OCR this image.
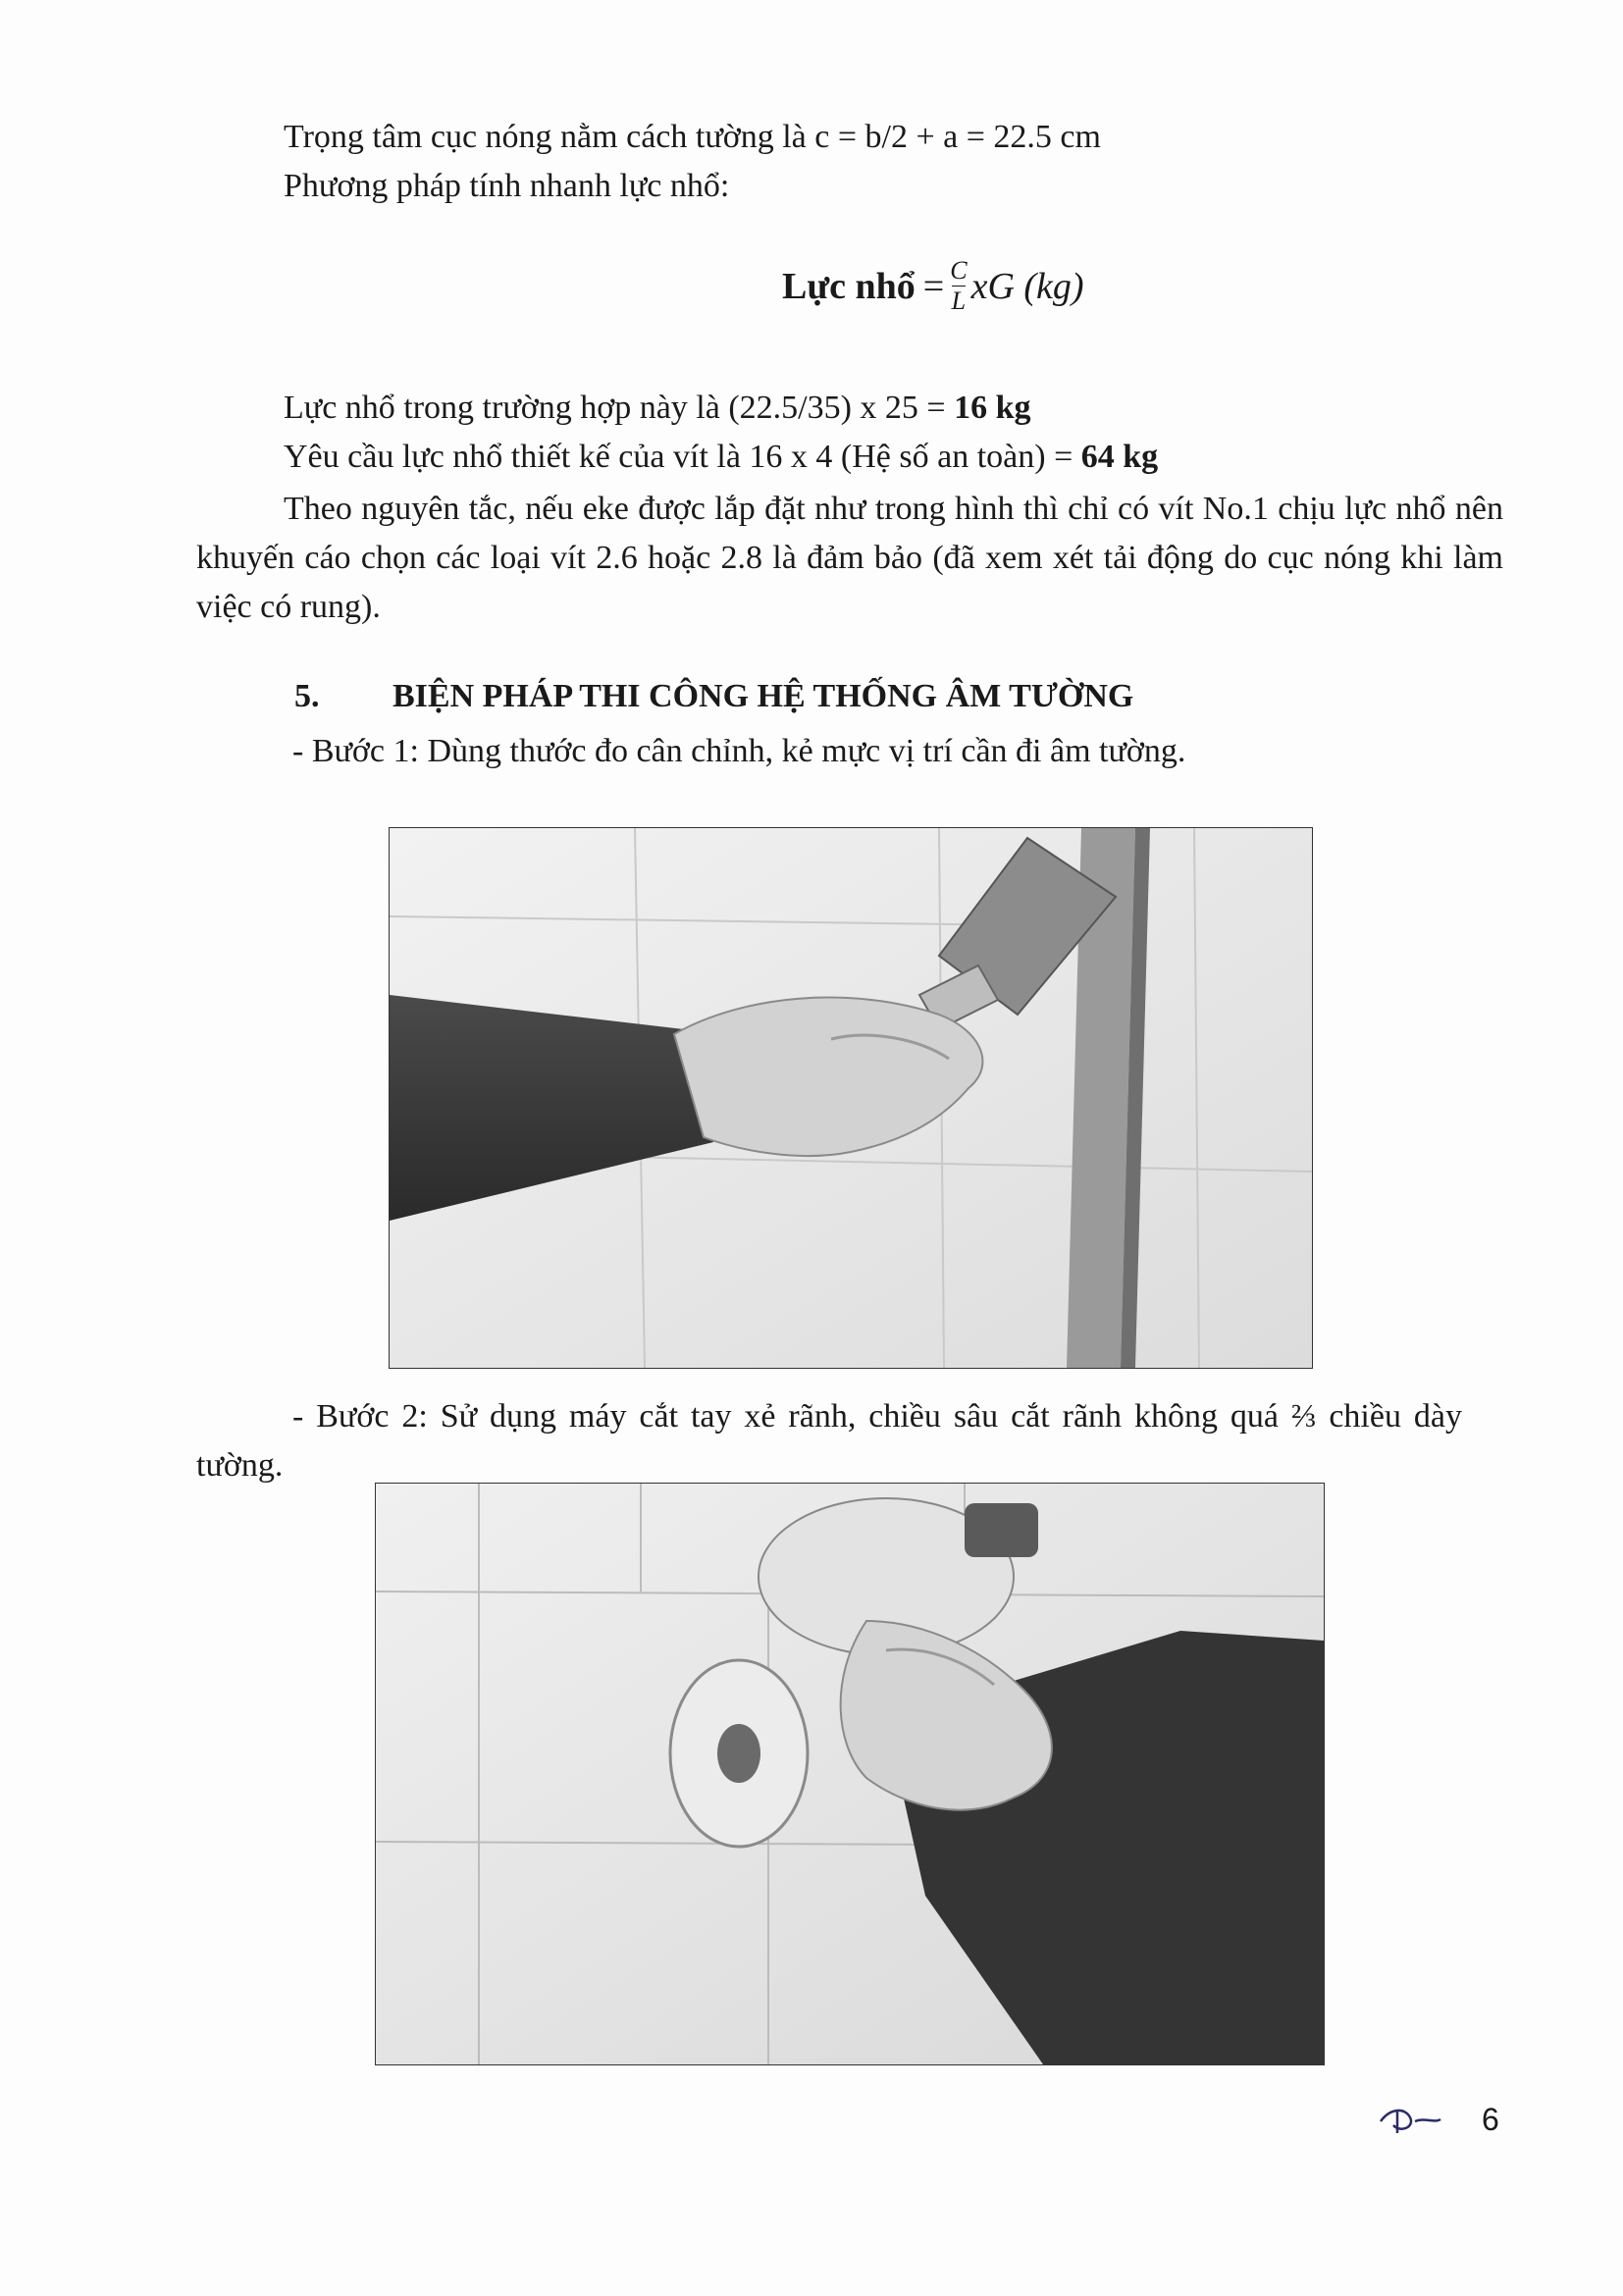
Trọng tâm cục nóng nằm cách tường là c = b/2 + a = 22.5 cm
Phương pháp tính nhanh lực nhổ:
Lực nhổ = $\frac{C}{L}$ xG (kg)
Lực nhổ trong trường hợp này là (22.5/35) x 25 = 16 kg
Yêu cầu lực nhổ thiết kế của vít là 16 x 4 (Hệ số an toàn) = 64 kg
Theo nguyên tắc, nếu eke được lắp đặt như trong hình thì chỉ có vít No.1 chịu lực nhổ nên khuyến cáo chọn các loại vít 2.6 hoặc 2.8 là đảm bảo (đã xem xét tải động do cục nóng khi làm việc có rung).
5. BIỆN PHÁP THI CÔNG HỆ THỐNG ÂM TƯỜNG
- Bước 1: Dùng thước đo cân chỉnh, kẻ mực vị trí cần đi âm tường.
- Bước 2: Sử dụng máy cắt tay xẻ rãnh, chiều sâu cắt rãnh không quá ⅔ chiều dày tường.
6
